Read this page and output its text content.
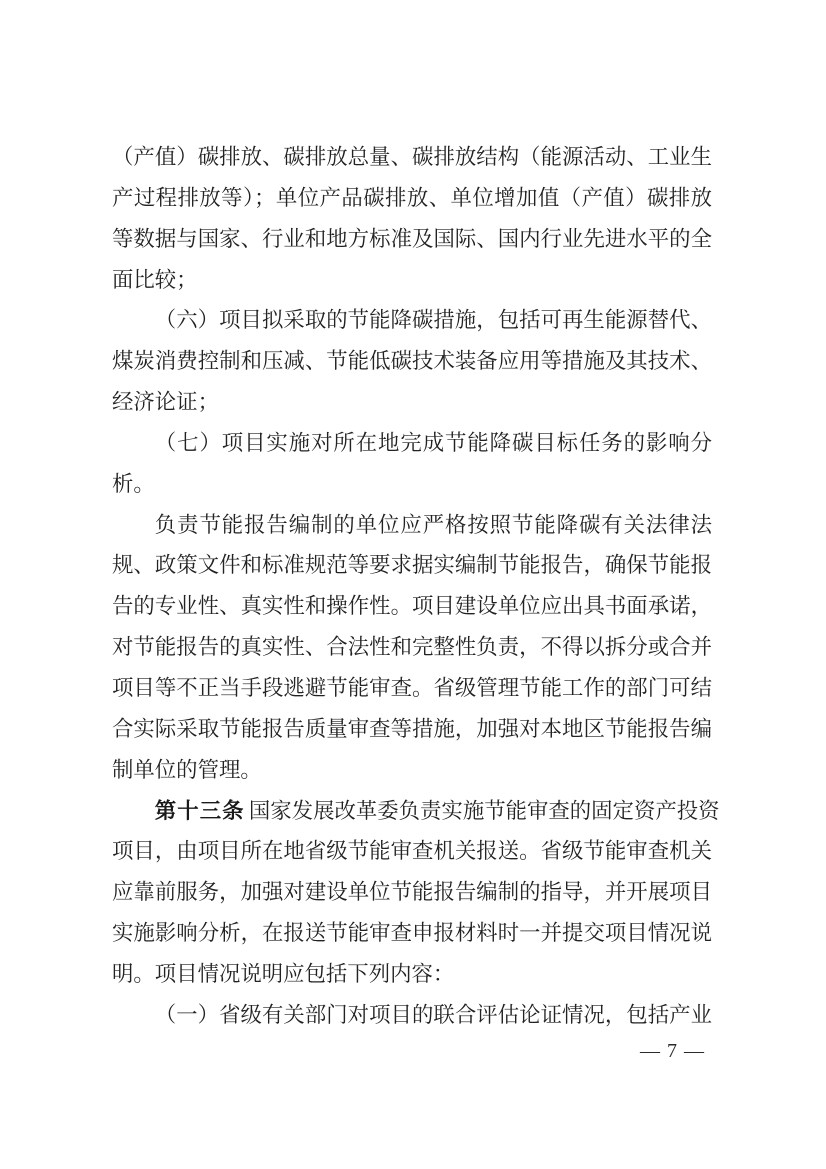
（产值）碳排放、碳排放总量、碳排放结构（能源活动、工业生
产过程排放等）；单位产品碳排放、单位增加值（产值）碳排放
等数据与国家、行业和地方标准及国际、国内行业先进水平的全
面比较；
（六）项目拟采取的节能降碳措施，包括可再生能源替代、
煤炭消费控制和压减、节能低碳技术装备应用等措施及其技术、
经济论证；
（七）项目实施对所在地完成节能降碳目标任务的影响分
析。
负责节能报告编制的单位应严格按照节能降碳有关法律法
规、政策文件和标准规范等要求据实编制节能报告，确保节能报
告的专业性、真实性和操作性。项目建设单位应出具书面承诺，
对节能报告的真实性、合法性和完整性负责，不得以拆分或合并
项目等不正当手段逃避节能审查。省级管理节能工作的部门可结
合实际采取节能报告质量审查等措施，加强对本地区节能报告编
制单位的管理。
第十三条 国家发展改革委负责实施节能审查的固定资产投资
项目，由项目所在地省级节能审查机关报送。省级节能审查机关
应靠前服务，加强对建设单位节能报告编制的指导，并开展项目
实施影响分析，在报送节能审查申报材料时一并提交项目情况说
明。项目情况说明应包括下列内容：
（一）省级有关部门对项目的联合评估论证情况，包括产业
— 7 —
